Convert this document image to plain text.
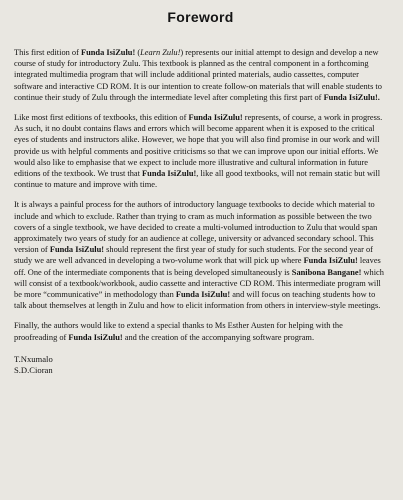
Foreword
This first edition of Funda IsiZulu! (Learn Zulu!) represents our initial attempt to design and develop a new course of study for introductory Zulu. This textbook is planned as the central component in a forthcoming integrated multimedia program that will include additional printed materials, audio cassettes, computer software and interactive CD ROM. It is our intention to create follow-on materials that will enable students to continue their study of Zulu through the intermediate level after completing this first part of Funda IsiZulu!.
Like most first editions of textbooks, this edition of Funda IsiZulu! represents, of course, a work in progress. As such, it no doubt contains flaws and errors which will become apparent when it is exposed to the critical eyes of students and instructors alike. However, we hope that you will also find promise in our work and will provide us with helpful comments and positive criticisms so that we can improve upon our initial efforts. We would also like to emphasise that we expect to include more illustrative and cultural information in future editions of the textbook. We trust that Funda IsiZulu!, like all good textbooks, will not remain static but will continue to mature and improve with time.
It is always a painful process for the authors of introductory language textbooks to decide which material to include and which to exclude. Rather than trying to cram as much information as possible between the two covers of a single textbook, we have decided to create a multi-volumed introduction to Zulu that would span approximately two years of study for an audience at college, university or advanced secondary school. This version of Funda IsiZulu! should represent the first year of study for such students. For the second year of study we are well advanced in developing a two-volume work that will pick up where Funda IsiZulu! leaves off. One of the intermediate components that is being developed simultaneously is Sanibona Bangane! which will consist of a textbook/workbook, audio cassette and interactive CD ROM. This intermediate program will be more “communicative” in methodology than Funda IsiZulu! and will focus on teaching students how to talk about themselves at length in Zulu and how to elicit information from others in interview-style meetings.
Finally, the authors would like to extend a special thanks to Ms Esther Austen for helping with the proofreading of Funda IsiZulu! and the creation of the accompanying software program.
T.Nxumalo
S.D.Cioran
